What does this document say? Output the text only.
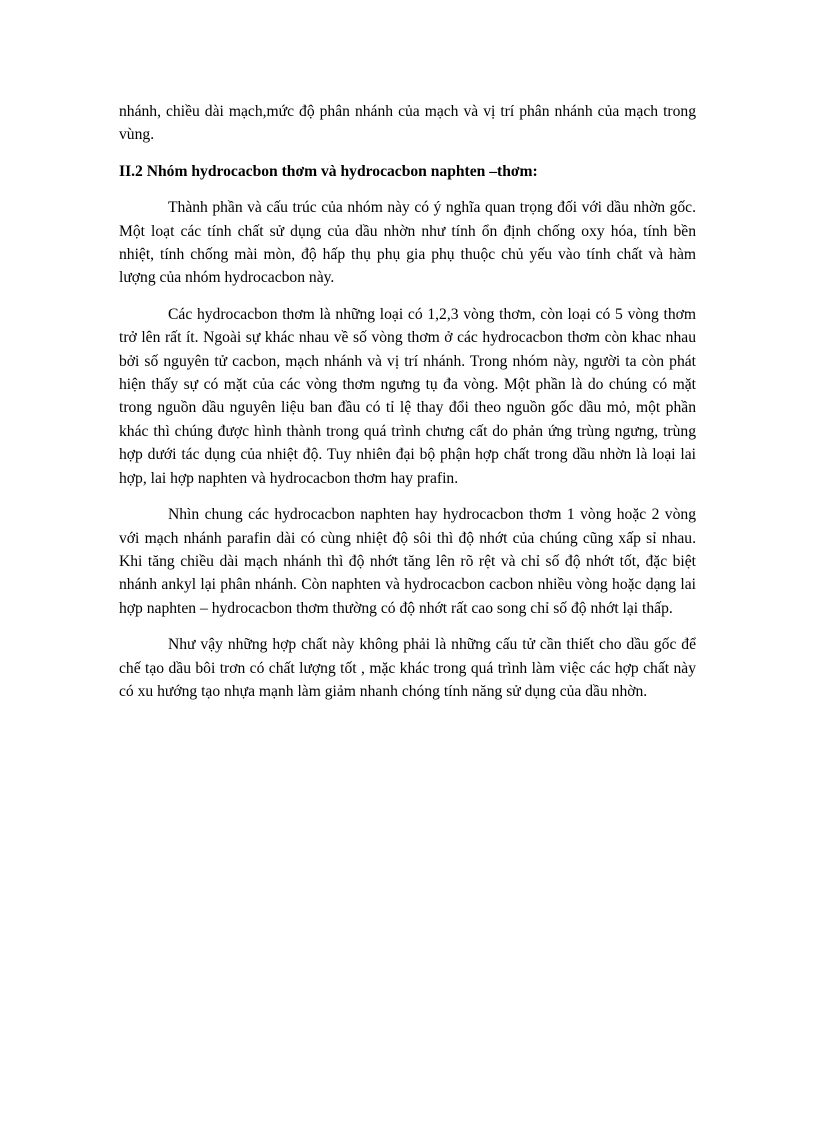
nhánh, chiều dài mạch,mức độ phân nhánh của mạch và vị trí phân nhánh của mạch trong vùng.

II.2 Nhóm hydrocacbon thơm và hydrocacbon naphten –thơm:

Thành phần và cấu trúc của nhóm này có ý nghĩa quan trọng đối với dầu nhờn gốc. Một loạt các tính chất sử dụng của dầu nhờn như tính ổn định chống oxy hóa, tính bền nhiệt, tính chống mài mòn, độ hấp thụ phụ gia phụ thuộc chủ yếu vào tính chất và hàm lượng của nhóm hydrocacbon này.

Các hydrocacbon thơm là những loại có 1,2,3 vòng thơm, còn loại có 5 vòng thơm trở lên rất ít. Ngoài sự khác nhau về số vòng thơm ở các hydrocacbon thơm còn khac nhau bởi số nguyên tử cacbon, mạch nhánh và vị trí nhánh. Trong nhóm này, người ta còn phát hiện thấy sự có mặt của các vòng thơm ngưng tụ đa vòng. Một phần là do chúng có mặt trong nguồn dầu nguyên liệu ban đầu có tỉ lệ thay đổi theo nguồn gốc dầu mỏ, một phần khác thì chúng được hình thành trong quá trình chưng cất do phản ứng trùng ngưng, trùng hợp dưới tác dụng của nhiệt độ. Tuy nhiên đại bộ phận hợp chất trong dầu nhờn là loại lai hợp, lai hợp naphten và hydrocacbon thơm hay prafin.

Nhìn chung các hydrocacbon naphten hay hydrocacbon thơm 1 vòng hoặc 2 vòng với mạch nhánh parafin dài có cùng nhiệt độ sôi thì độ nhớt của chúng cũng xấp sỉ nhau. Khi tăng chiều dài mạch nhánh thì độ nhớt tăng lên rõ rệt và chỉ số độ nhớt tốt, đặc biệt nhánh ankyl lại phân nhánh. Còn naphten và hydrocacbon cacbon nhiều vòng hoặc dạng lai hợp naphten – hydrocacbon thơm thường có độ nhớt rất cao song chỉ số độ nhớt lại thấp.

Như vậy những hợp chất này không phải là những cấu tử cần thiết cho dầu gốc để chế tạo dầu bôi trơn có chất lượng tốt , mặc khác trong quá trình làm việc các hợp chất này có xu hướng tạo nhựa mạnh làm giảm nhanh chóng tính năng sử dụng của dầu nhờn.
